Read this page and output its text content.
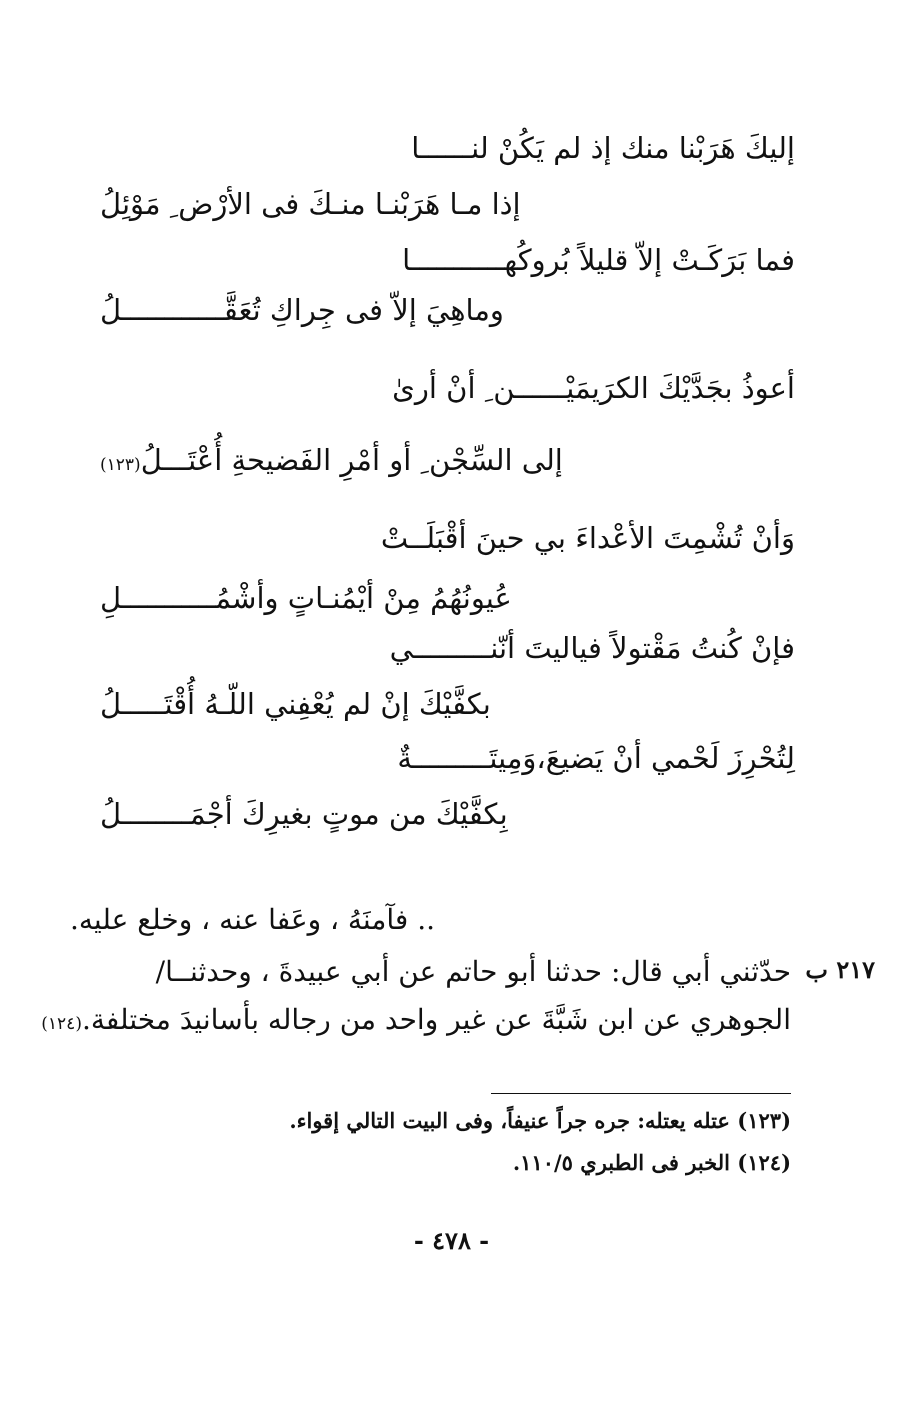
إليكَ هَرَبْنا منك إذ لم يَكُنْ لنــــــا
إذا مـا هَرَبْنـا منـكَ فى الأرْض ِ مَوْئِلُ
فما بَرَكَـتْ إلاّ قليلاً بُروكُهـــــــــــا
وماهِيَ إلاّ فى جِراكِ تُعَقَّــــــــــــلُ
أعوذُ بجَدَّيْكَ الكرَيمَيْــــــن ِ أنْ أرىٰ
إلى السِّجْن ِ أو أمْرِ الفَضيحةِ أُعْتَـــلُ(١٢٣)
وَأنْ تُشْمِتَ الأعْداءَ بي حينَ أقْبَلَــتْ
عُيونُهُمُ مِنْ أيْمُنـاتٍ وأشْمُـــــــــــلِ
فإنْ كُنتُ مَقْتولاً فياليتَ أنّنـــــــــي
بكفَّيْكَ إنْ لم يُعْفِني اللّـهُ أُقْتَـــــلُ
لِتُحْرِزَ لَحْمي أنْ يَضيعَ،وَمِيتَـــــــــةٌ
بِكفَّيْكَ من موتٍ بغيرِكَ أجْمَــــــــلُ
.. فآمنَهُ ، وعَفا عنه ، وخلع عليه.
حدّثني أبي قال: حدثنا أبو حاتم عن أبي عبيدةَ ، وحدثنــا/
الجوهري عن ابن شَبَّةَ عن غير واحد من رجاله بأسانيدَ مختلفة.(١٢٤)
٢١٧ ب
(١٢٣) عتله يعتله: جره جراً عنيفاً، وفى البيت التالي إقواء.
(١٢٤) الخبر فى الطبري ١١٠/٥.
- ٤٧٨ -
